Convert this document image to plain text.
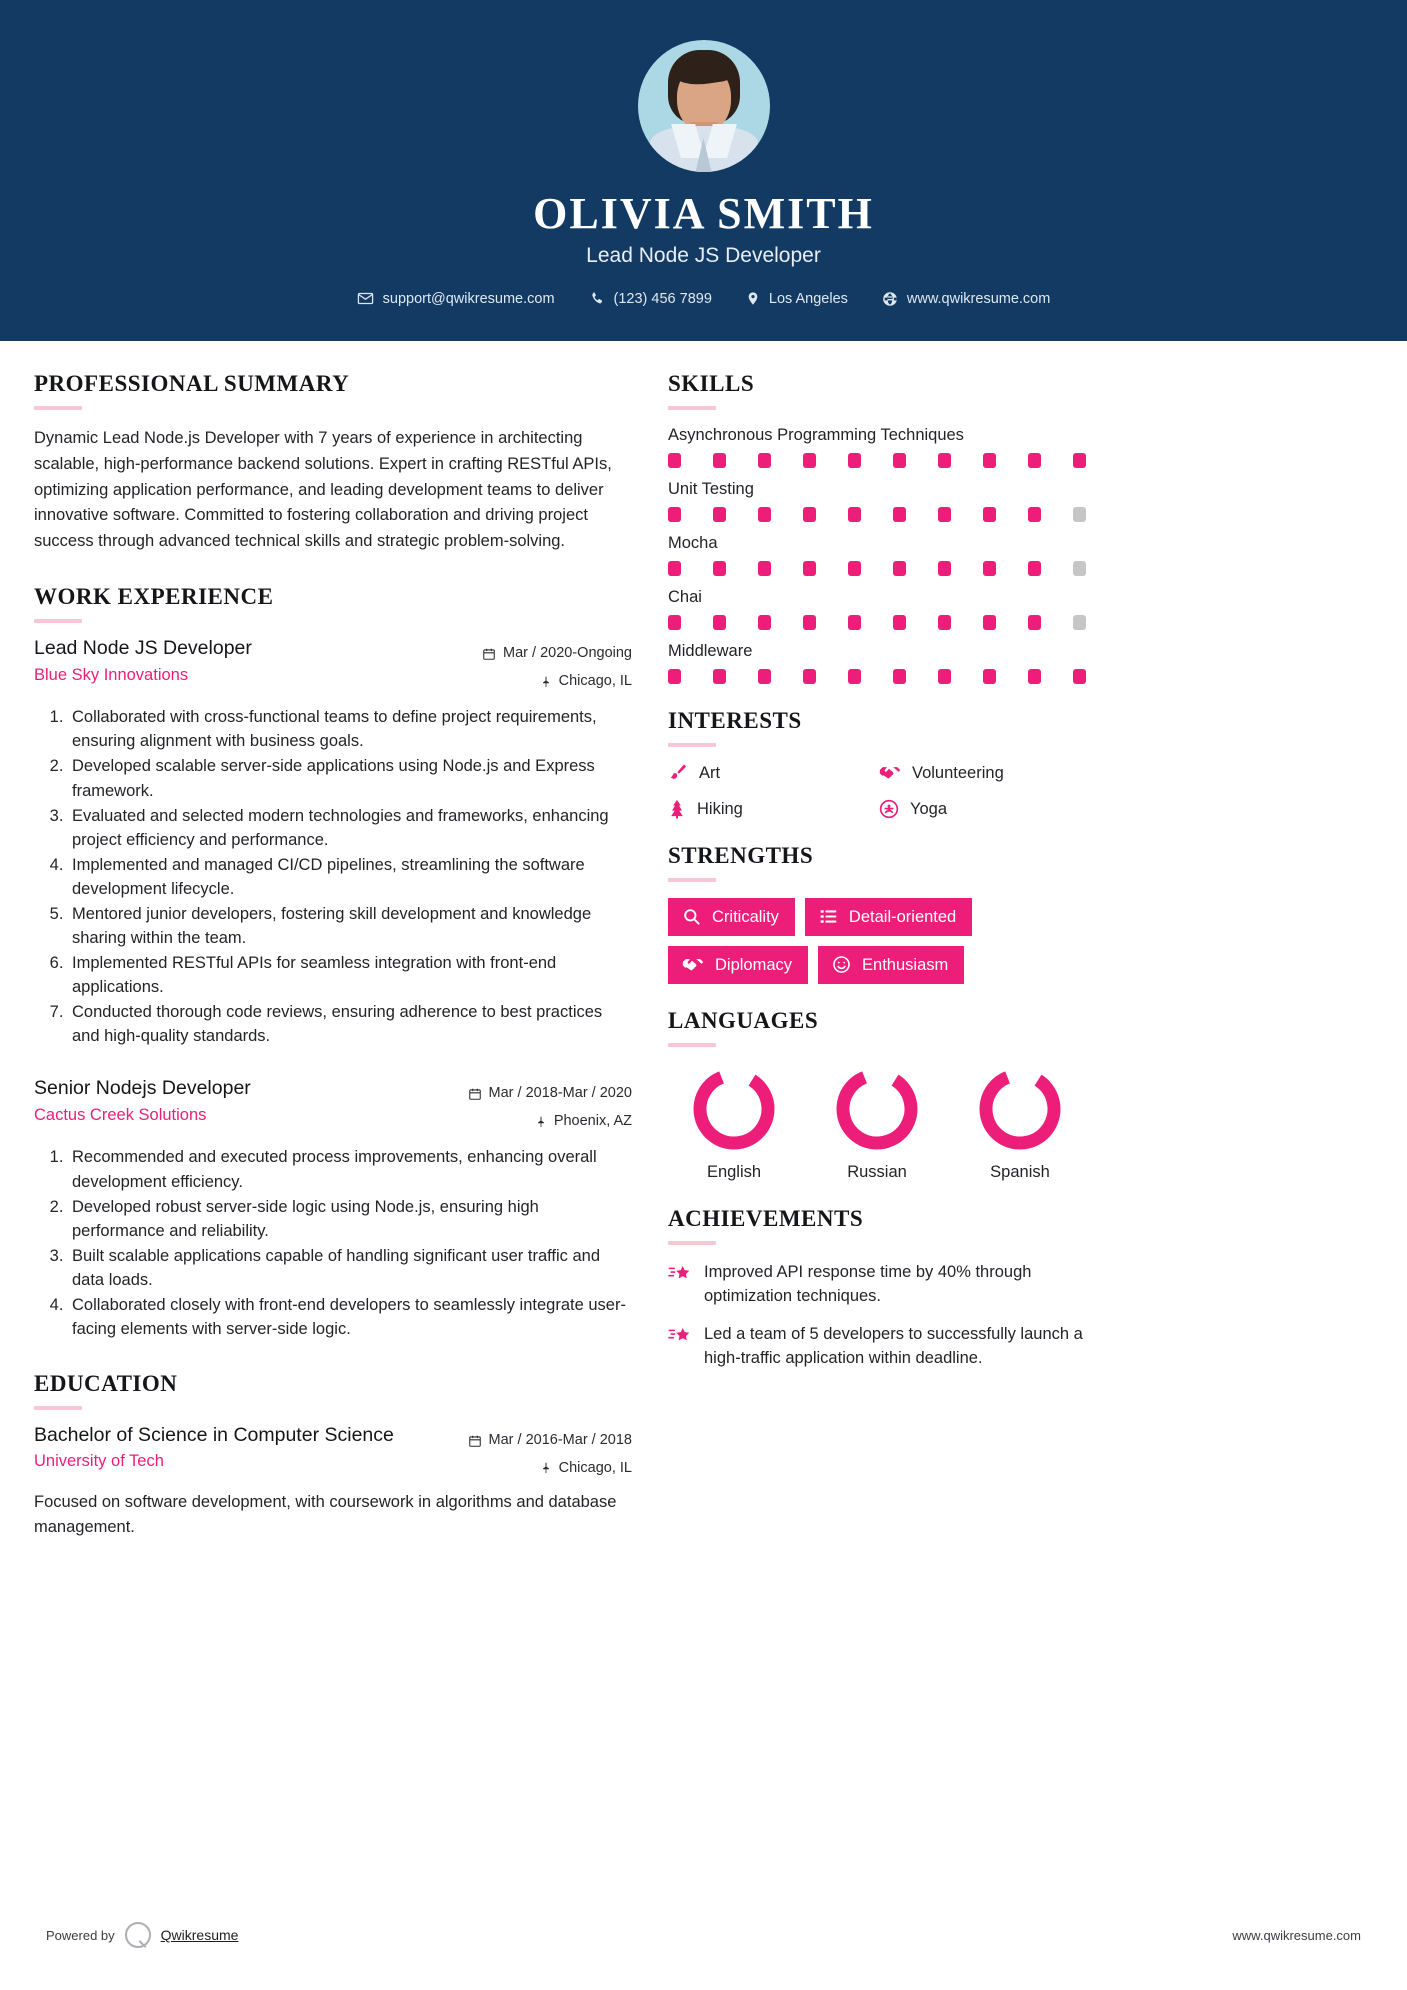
OLIVIA SMITH
Lead Node JS Developer
support@qwikresume.com	(123) 456 7899	Los Angeles	www.qwikresume.com
PROFESSIONAL SUMMARY
Dynamic Lead Node.js Developer with 7 years of experience in architecting scalable, high-performance backend solutions. Expert in crafting RESTful APIs, optimizing application performance, and leading development teams to deliver innovative software. Committed to fostering collaboration and driving project success through advanced technical skills and strategic problem-solving.
WORK EXPERIENCE
Lead Node JS Developer
Blue Sky Innovations
Mar / 2020-Ongoing
Chicago, IL
1. Collaborated with cross-functional teams to define project requirements, ensuring alignment with business goals.
2. Developed scalable server-side applications using Node.js and Express framework.
3. Evaluated and selected modern technologies and frameworks, enhancing project efficiency and performance.
4. Implemented and managed CI/CD pipelines, streamlining the software development lifecycle.
5. Mentored junior developers, fostering skill development and knowledge sharing within the team.
6. Implemented RESTful APIs for seamless integration with front-end applications.
7. Conducted thorough code reviews, ensuring adherence to best practices and high-quality standards.
Senior Nodejs Developer
Cactus Creek Solutions
Mar / 2018-Mar / 2020
Phoenix, AZ
1. Recommended and executed process improvements, enhancing overall development efficiency.
2. Developed robust server-side logic using Node.js, ensuring high performance and reliability.
3. Built scalable applications capable of handling significant user traffic and data loads.
4. Collaborated closely with front-end developers to seamlessly integrate user-facing elements with server-side logic.
EDUCATION
Bachelor of Science in Computer Science
University of Tech
Mar / 2016-Mar / 2018
Chicago, IL
Focused on software development, with coursework in algorithms and database management.
SKILLS
Asynchronous Programming Techniques
Unit Testing
Mocha
Chai
Middleware
INTERESTS
Art	Volunteering
Hiking	Yoga
STRENGTHS
Criticality	Detail-oriented
Diplomacy	Enthusiasm
LANGUAGES
English	Russian	Spanish
ACHIEVEMENTS
Improved API response time by 40% through optimization techniques.
Led a team of 5 developers to successfully launch a high-traffic application within deadline.
Powered by	Qwikresume	www.qwikresume.com
